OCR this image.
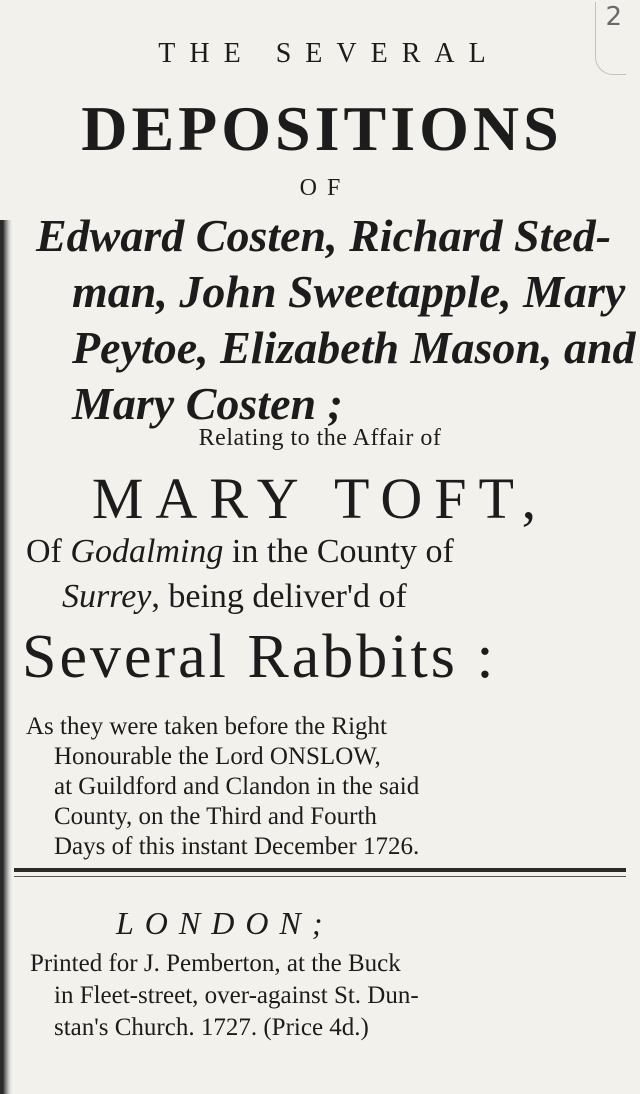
2
THE SEVERAL
DEPOSITIONS
OF
Edward Costen, Richard Sted-
man, John Sweetapple, Mary
Peytoe, Elizabeth Mason, and
Mary Costen ;
Relating to the Affair of
MARY TOFT,
Of Godalming in the County of
Surrey, being deliver'd of
Several Rabbits :
As they were taken before the Right
Honourable the Lord ONSLOW,
at Guildford and Clandon in the said
County, on the Third and Fourth
Days of this instant December 1726.
LONDON;
Printed for J. Pemberton, at the Buck
in Fleet-street, over-against St. Dun-
stan's Church. 1727. (Price 4d.)
